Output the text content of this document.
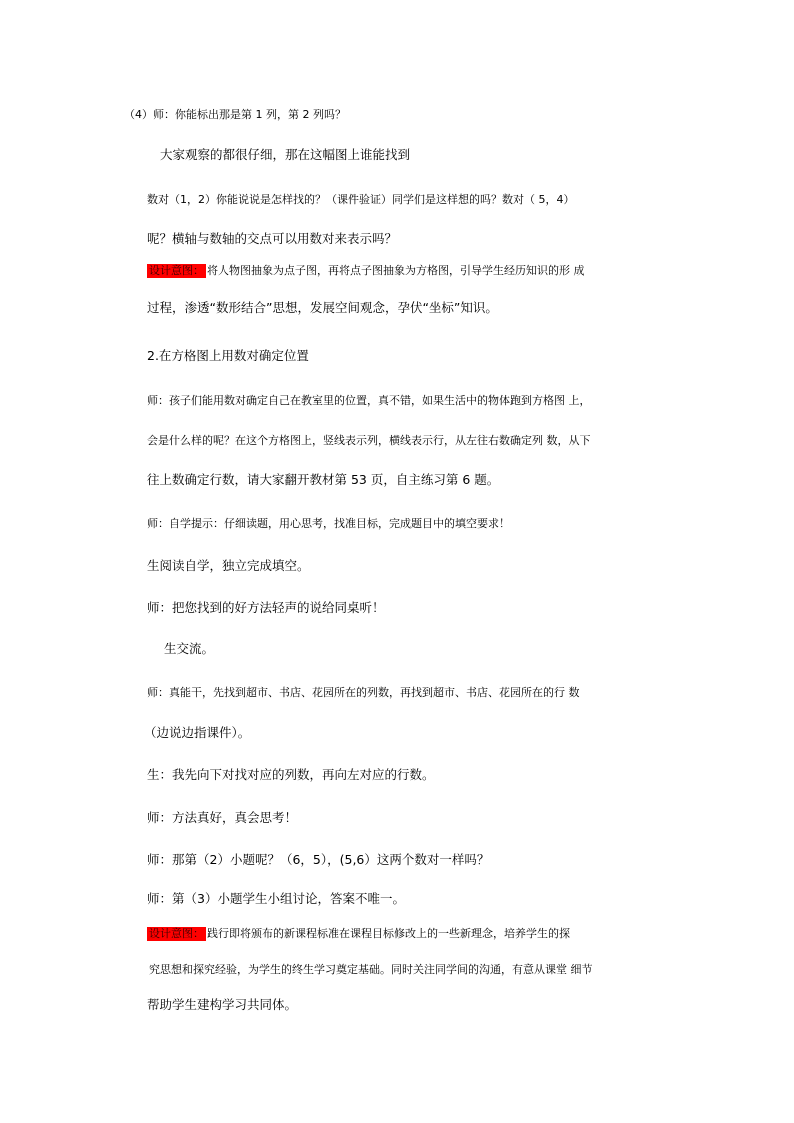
（4）师：你能标出那是第 1 列，第 2 列吗？
大家观察的都很仔细，那在这幅图上谁能找到
数对（1，2）你能说说是怎样找的？（课件验证）同学们是这样想的吗？数对（ 5，4）
呢？横轴与数轴的交点可以用数对来表示吗？
设计意图： 将人物图抽象为点子图，再将点子图抽象为方格图，引导学生经历知识的形 成
过程，渗透“数形结合”思想，发展空间观念，孕伏“坐标”知识。
2.在方格图上用数对确定位置
师：孩子们能用数对确定自己在教室里的位置，真不错，如果生活中的物体跑到方格图 上，
会是什么样的呢？在这个方格图上，竖线表示列，横线表示行，从左往右数确定列 数，从下
往上数确定行数，请大家翻开教材第 53 页，自主练习第 6 题。
师：自学提示：仔细读题，用心思考，找准目标，完成题目中的填空要求！
生阅读自学，独立完成填空。
师：把您找到的好方法轻声的说给同桌听！
生交流。
师：真能干，先找到超市、书店、花园所在的列数，再找到超市、书店、花园所在的行 数
（边说边指课件）。
生：我先向下对找对应的列数，再向左对应的行数。
师：方法真好，真会思考！
师：那第（2）小题呢？（6，5），(5,6）这两个数对一样吗？
师：第（3）小题学生小组讨论，答案不唯一。
设计意图： 践行即将颁布的新课程标准在课程目标修改上的一些新理念，培养学生的探
究思想和探究经验，为学生的终生学习奠定基础。同时关注同学间的沟通，有意从课堂 细节
帮助学生建构学习共同体。
